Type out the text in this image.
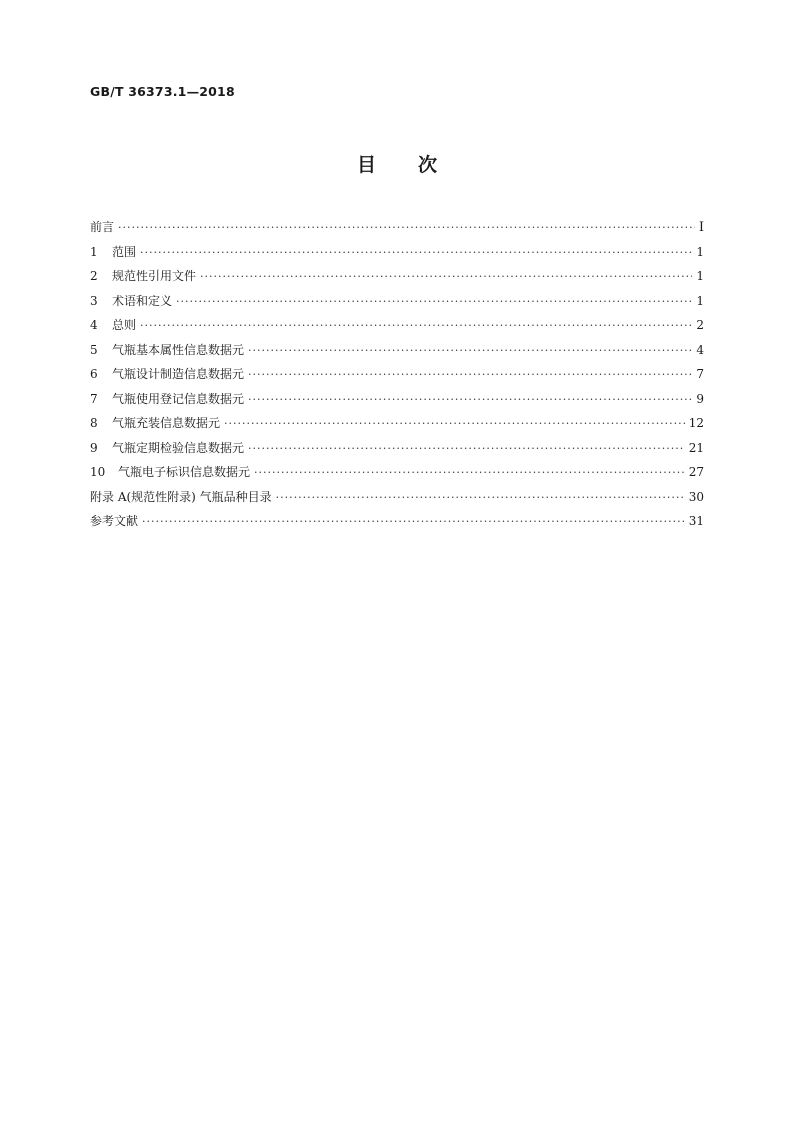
GB/T 36373.1—2018
目 次
前言 ·····	I
1	范围 ·····	1
2	规范性引用文件 ·····	1
3	术语和定义 ·····	1
4	总则 ·····	2
5	气瓶基本属性信息数据元 ·····	4
6	气瓶设计制造信息数据元 ·····	7
7	气瓶使用登记信息数据元 ·····	9
8	气瓶充装信息数据元 ·····	12
9	气瓶定期检验信息数据元 ·····	21
10	气瓶电子标识信息数据元 ·····	27
附录 A(规范性附录) 气瓶品种目录 ·····	30
参考文献 ·····	31
